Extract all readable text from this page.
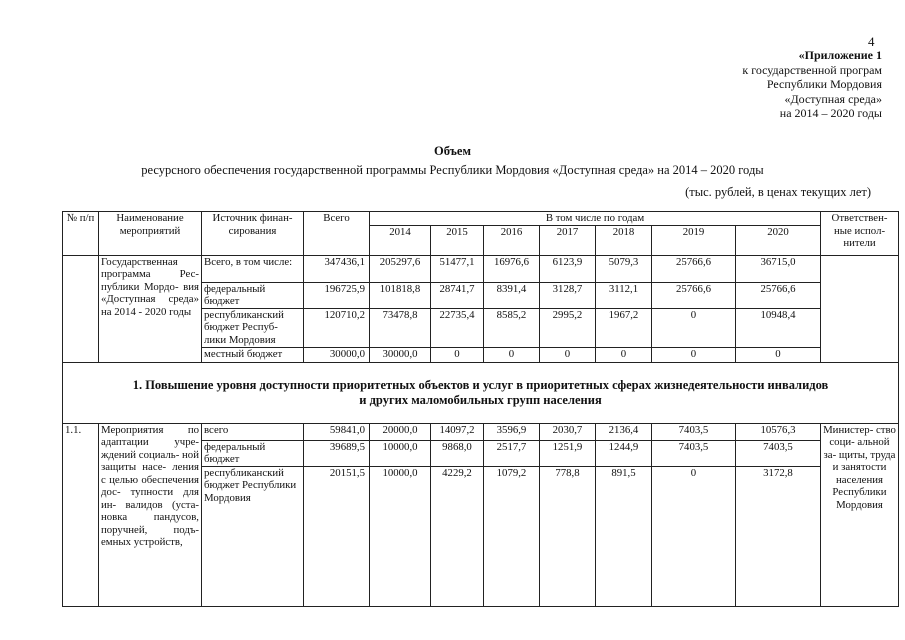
4
«Приложение 1
к государственной програм
Республики Мордовия
«Доступная среда»
на 2014 – 2020 годы
Объем
ресурсного обеспечения государственной программы Республики Мордовия «Доступная среда» на 2014 – 2020 годы
(тыс. рублей, в ценах текущих лет)
№ п/п	Наименование мероприятий	Источник финан- сирования	Всего	В том числе по годам							Ответствен- ные испол- нители
				2014	2015	2016	2017	2018	2019	2020	
	Государственная программа Рес- публики Мордо- вия «Доступная среда» на 2014 - 2020 годы	Всего, в том числе:	347436,1	205297,6	51477,1	16976,6	6123,9	5079,3	25766,6	36715,0	
		федеральный бюджет	196725,9	101818,8	28741,7	8391,4	3128,7	3112,1	25766,6	25766,6	
		республиканский бюджет Респуб- лики Мордовия	120710,2	73478,8	22735,4	8585,2	2995,2	1967,2	0	10948,4	
		местный бюджет	30000,0	30000,0	0	0	0	0	0	0	

1. Повышение уровня доступности приоритетных объектов и услуг в приоритетных сферах жизнедеятельности инвалидов
и других маломобильных групп населения											

1.1.	Мероприятия по адаптации учре- ждений социаль- ной защиты насе- ления с целью обеспечения дос- тупности для ин- валидов (уста- новка пандусов, поручней, подъ- емных устройств,	всего	59841,0	20000,0	14097,2	3596,9	2030,7	2136,4	7403,5	10576,3	Министер- ство соци- альной за- щиты, труда и занятости населения Республики Мордовия
		федеральный бюджет	39689,5	10000,0	9868,0	2517,7	1251,9	1244,9	7403,5	7403,5	
		республиканский бюджет Республики Мордовия	20151,5	10000,0	4229,2	1079,2	778,8	891,5	0	3172,8	
